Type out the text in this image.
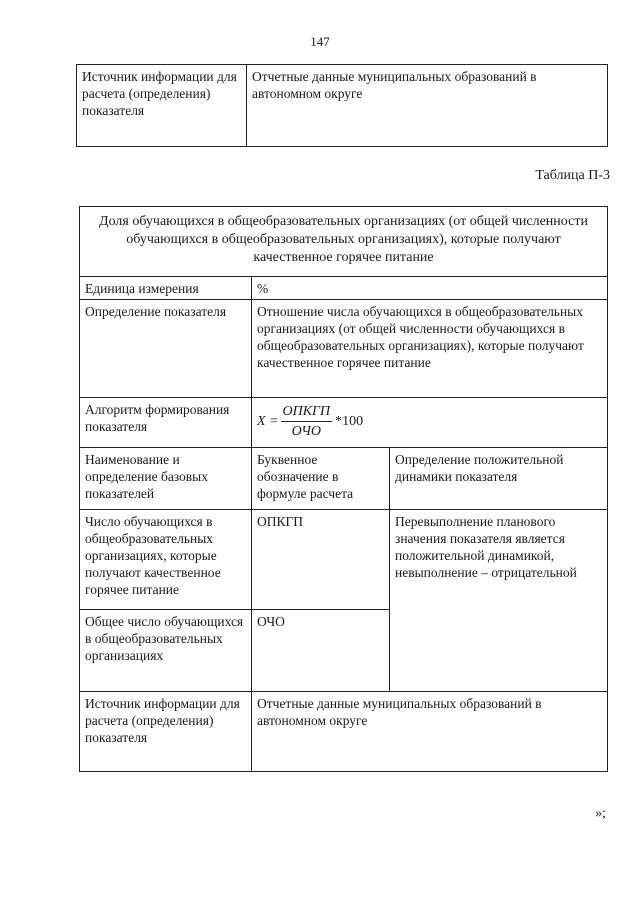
147
Источник информации для расчета (определения) показателя	Отчетные данные муниципальных образований в автономном округе
Таблица П-3
Доля обучающихся в общеобразовательных организациях (от общей численности обучающихся в общеобразовательных организациях), которые получают качественное горячее питание		
Единица измерения	%	
Определение показателя	Отношение числа обучающихся в общеобразовательных организациях (от общей численности обучающихся в общеобразовательных организациях), которые получают качественное горячее питание	
Алгоритм формирования показателя	$X = \frac{\text{ОПКГП}}{\text{ОЧО}} *100$	

Наименование и определение базовых показателей	Буквенное обозначение в формуле расчета	Определение положительной динамики показателя
Число обучающихся в общеобразовательных организациях, которые получают качественное горячее питание	ОПКГП	Перевыполнение планового значения показателя является положительной динамикой, невыполнение – отрицательной
Общее число обучающихся в общеобразовательных организациях	ОЧО	
Источник информации для расчета (определения) показателя	Отчетные данные муниципальных образований в автономном округе	
»;
